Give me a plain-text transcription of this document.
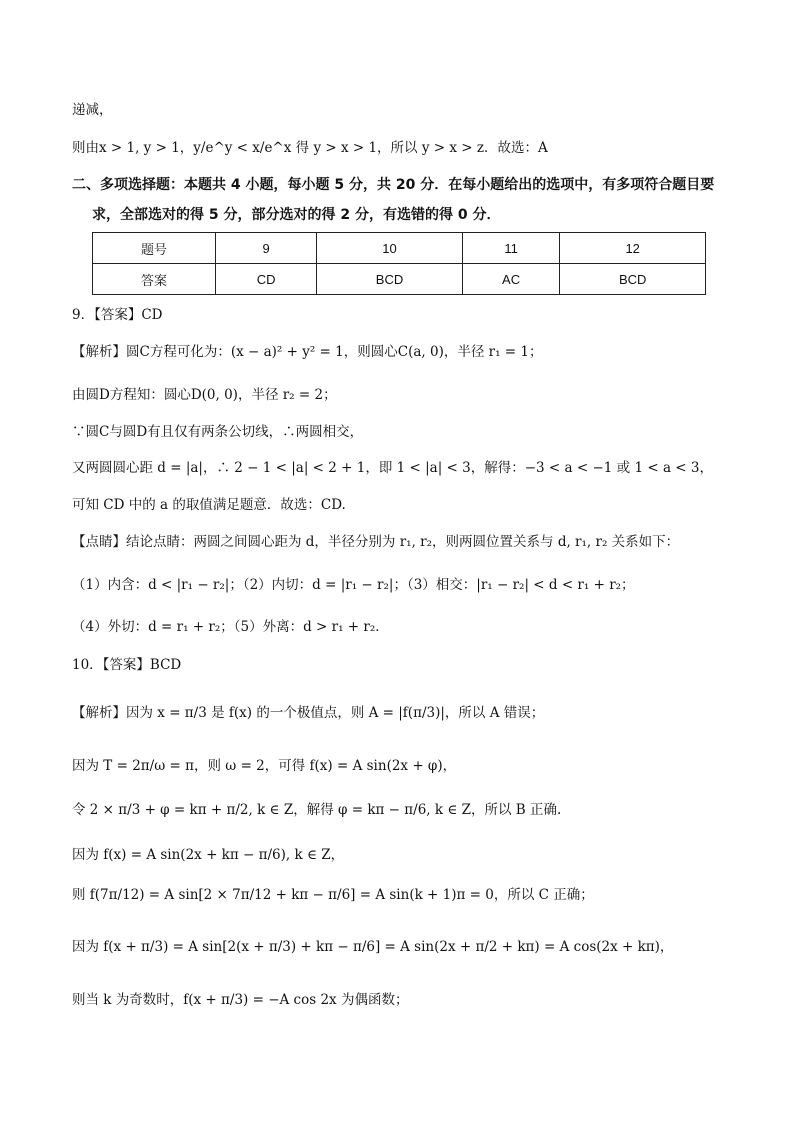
递减，
则由x > 1, y > 1，y/e^y < x/e^x 得 y > x > 1，所以 y > x > z．故选：A
二、多项选择题：本题共 4 小题，每小题 5 分，共 20 分．在每小题给出的选项中，有多项符合题目要
求，全部选对的得 5 分，部分选对的得 2 分，有选错的得 0 分．
题号	9	10	11	12
答案	CD	BCD	AC	BCD
9．【答案】CD
【解析】圆C方程可化为：(x − a)² + y² = 1，则圆心C(a, 0)，半径 r₁ = 1；
由圆D方程知：圆心D(0, 0)，半径 r₂ = 2；
∵圆C与圆D有且仅有两条公切线，∴两圆相交，
又两圆圆心距 d = |a|，∴ 2 − 1 < |a| < 2 + 1，即 1 < |a| < 3，解得：−3 < a < −1 或 1 < a < 3，
可知 CD 中的 a 的取值满足题意．故选：CD.
【点睛】结论点睛：两圆之间圆心距为 d，半径分别为 r₁, r₂，则两圆位置关系与 d, r₁, r₂ 关系如下：
（1）内含：d < |r₁ − r₂|；（2）内切：d = |r₁ − r₂|；（3）相交：|r₁ − r₂| < d < r₁ + r₂；
（4）外切：d = r₁ + r₂；（5）外离：d > r₁ + r₂．
10．【答案】BCD
【解析】因为 x = π/3 是 f(x) 的一个极值点，则 A = |f(π/3)|，所以 A 错误；
因为 T = 2π/ω = π，则 ω = 2，可得 f(x) = A sin(2x + φ)，
令 2 × π/3 + φ = kπ + π/2, k ∈ Z，解得 φ = kπ − π/6, k ∈ Z，所以 B 正确.
因为 f(x) = A sin(2x + kπ − π/6), k ∈ Z，
则 f(7π/12) = A sin[2 × 7π/12 + kπ − π/6] = A sin(k + 1)π = 0，所以 C 正确；
因为 f(x + π/3) = A sin[2(x + π/3) + kπ − π/6] = A sin(2x + π/2 + kπ) = A cos(2x + kπ)，
则当 k 为奇数时，f(x + π/3) = −A cos 2x 为偶函数；
